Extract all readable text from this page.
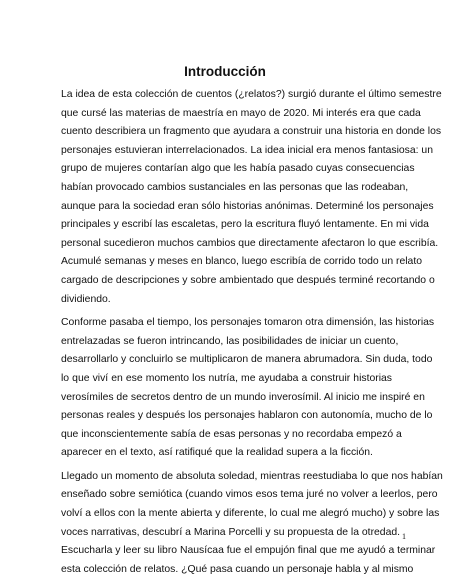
Introducción
La idea de esta colección de cuentos (¿relatos?) surgió durante el último semestre
que cursé las materias de maestría en mayo de 2020. Mi interés era que cada
cuento describiera un fragmento que ayudara a construir una historia en donde los
personajes estuvieran interrelacionados. La idea inicial era menos fantasiosa: un
grupo de mujeres contarían algo que les había pasado cuyas consecuencias
habían provocado cambios sustanciales en las personas que las rodeaban,
aunque para la sociedad eran sólo historias anónimas. Determiné los personajes
principales y escribí las escaletas, pero la escritura fluyó lentamente. En mi vida
personal sucedieron muchos cambios que directamente afectaron lo que escribía.
Acumulé semanas y meses en blanco, luego escribía de corrido todo un relato
cargado de descripciones y sobre ambientado que después terminé recortando o
dividiendo.
Conforme pasaba el tiempo, los personajes tomaron otra dimensión, las historias
entrelazadas se fueron intrincando, las posibilidades de iniciar un cuento,
desarrollarlo y concluirlo se multiplicaron de manera abrumadora. Sin duda, todo
lo que viví en ese momento los nutría, me ayudaba a construir historias
verosímiles de secretos dentro de un mundo inverosímil. Al inicio me inspiré en
personas reales y después los personajes hablaron con autonomía, mucho de lo
que inconscientemente sabía de esas personas y no recordaba empezó a
aparecer en el texto, así ratifiqué que la realidad supera a la ficción.
Llegado un momento de absoluta soledad, mientras reestudiaba lo que nos habían
enseñado sobre semiótica (cuando vimos esos tema juré no volver a leerlos, pero
volví a ellos con la mente abierta y diferente, lo cual me alegró mucho) y sobre las
voces narrativas, descubrí a Marina Porcelli y su propuesta de la otredad.
Escucharla y leer su libro Nausícaa fue el empujón final que me ayudó a terminar
esta colección de relatos. ¿Qué pasa cuando un personaje habla y al mismo
1
